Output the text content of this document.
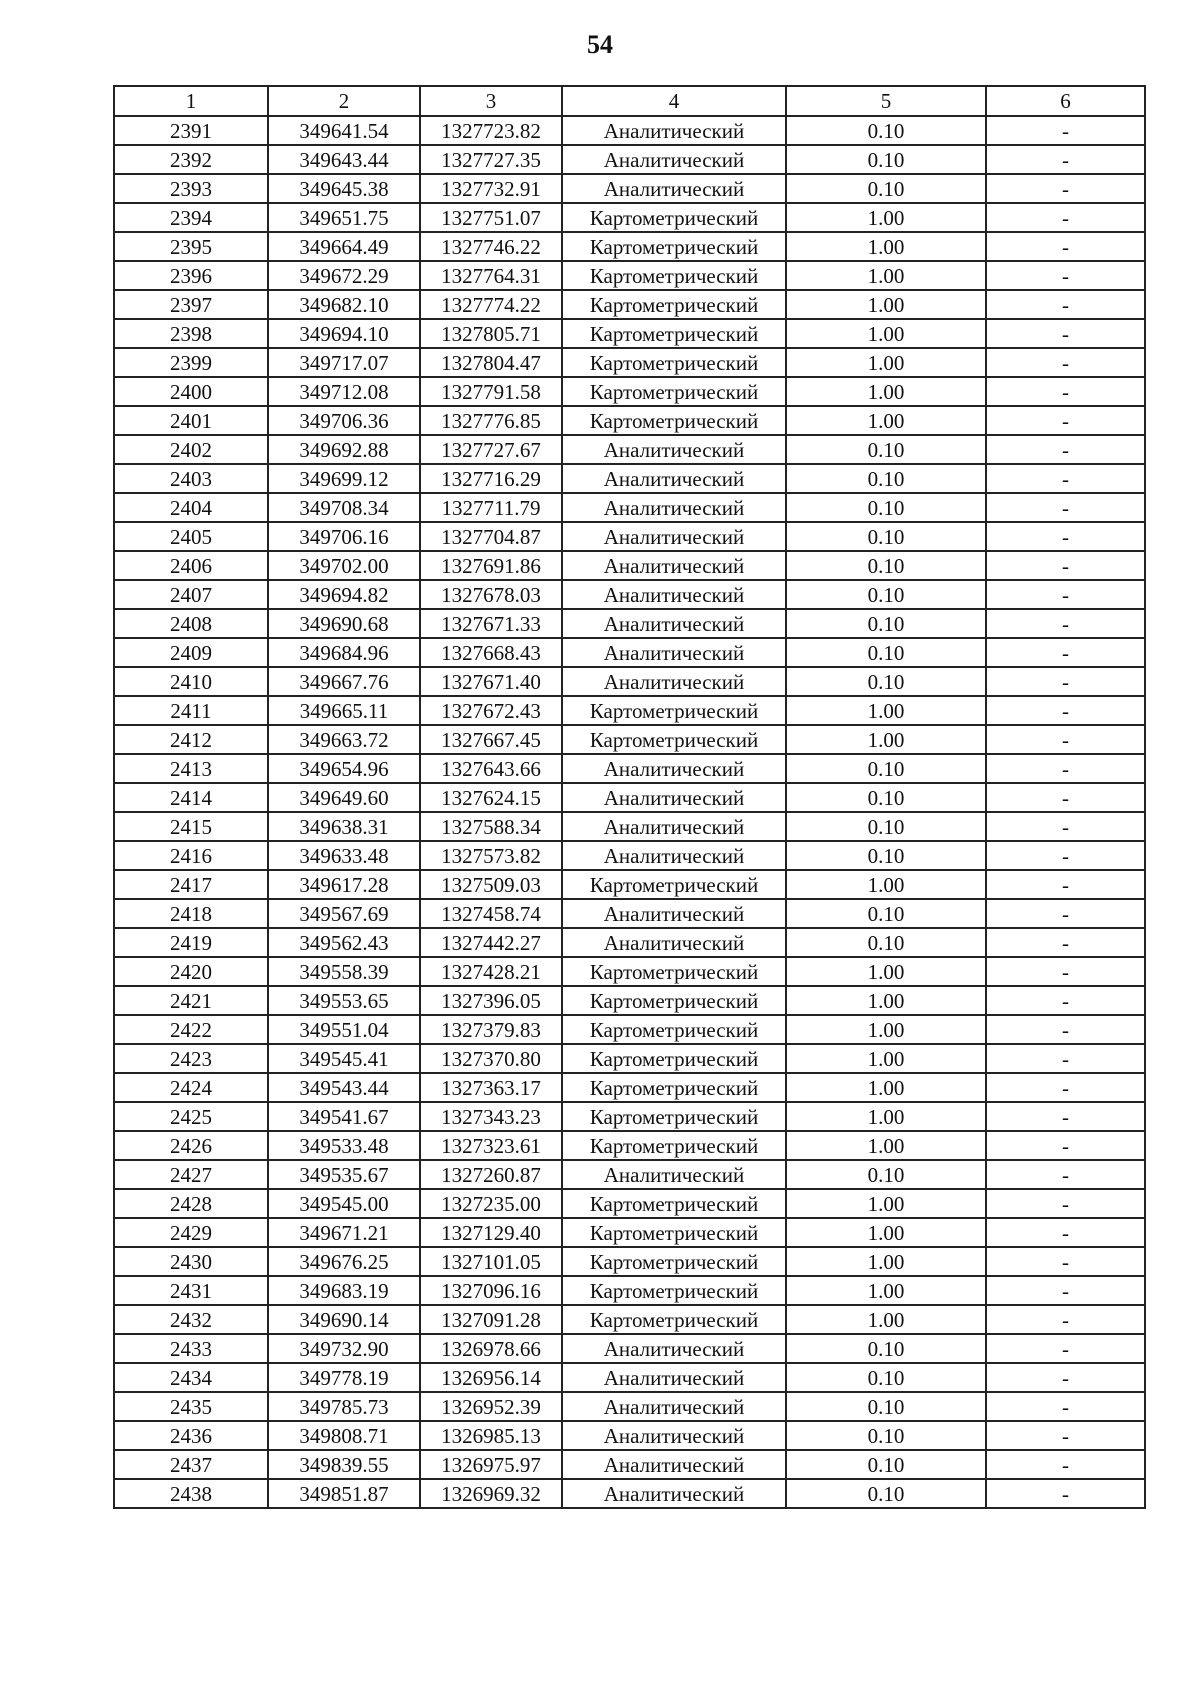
54
1	2	3	4	5	6
2391	349641.54	1327723.82	Аналитический	0.10	-
2392	349643.44	1327727.35	Аналитический	0.10	-
2393	349645.38	1327732.91	Аналитический	0.10	-
2394	349651.75	1327751.07	Картометрический	1.00	-
2395	349664.49	1327746.22	Картометрический	1.00	-
2396	349672.29	1327764.31	Картометрический	1.00	-
2397	349682.10	1327774.22	Картометрический	1.00	-
2398	349694.10	1327805.71	Картометрический	1.00	-
2399	349717.07	1327804.47	Картометрический	1.00	-
2400	349712.08	1327791.58	Картометрический	1.00	-
2401	349706.36	1327776.85	Картометрический	1.00	-
2402	349692.88	1327727.67	Аналитический	0.10	-
2403	349699.12	1327716.29	Аналитический	0.10	-
2404	349708.34	1327711.79	Аналитический	0.10	-
2405	349706.16	1327704.87	Аналитический	0.10	-
2406	349702.00	1327691.86	Аналитический	0.10	-
2407	349694.82	1327678.03	Аналитический	0.10	-
2408	349690.68	1327671.33	Аналитический	0.10	-
2409	349684.96	1327668.43	Аналитический	0.10	-
2410	349667.76	1327671.40	Аналитический	0.10	-
2411	349665.11	1327672.43	Картометрический	1.00	-
2412	349663.72	1327667.45	Картометрический	1.00	-
2413	349654.96	1327643.66	Аналитический	0.10	-
2414	349649.60	1327624.15	Аналитический	0.10	-
2415	349638.31	1327588.34	Аналитический	0.10	-
2416	349633.48	1327573.82	Аналитический	0.10	-
2417	349617.28	1327509.03	Картометрический	1.00	-
2418	349567.69	1327458.74	Аналитический	0.10	-
2419	349562.43	1327442.27	Аналитический	0.10	-
2420	349558.39	1327428.21	Картометрический	1.00	-
2421	349553.65	1327396.05	Картометрический	1.00	-
2422	349551.04	1327379.83	Картометрический	1.00	-
2423	349545.41	1327370.80	Картометрический	1.00	-
2424	349543.44	1327363.17	Картометрический	1.00	-
2425	349541.67	1327343.23	Картометрический	1.00	-
2426	349533.48	1327323.61	Картометрический	1.00	-
2427	349535.67	1327260.87	Аналитический	0.10	-
2428	349545.00	1327235.00	Картометрический	1.00	-
2429	349671.21	1327129.40	Картометрический	1.00	-
2430	349676.25	1327101.05	Картометрический	1.00	-
2431	349683.19	1327096.16	Картометрический	1.00	-
2432	349690.14	1327091.28	Картометрический	1.00	-
2433	349732.90	1326978.66	Аналитический	0.10	-
2434	349778.19	1326956.14	Аналитический	0.10	-
2435	349785.73	1326952.39	Аналитический	0.10	-
2436	349808.71	1326985.13	Аналитический	0.10	-
2437	349839.55	1326975.97	Аналитический	0.10	-
2438	349851.87	1326969.32	Аналитический	0.10	-
